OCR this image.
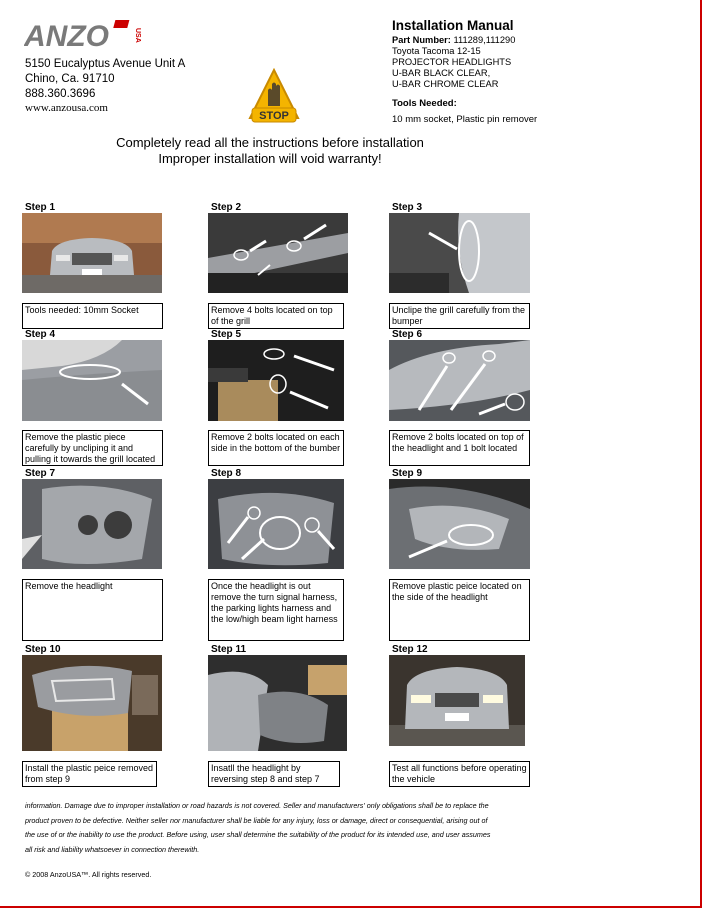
ANZO	USA
5150 Eucalyptus Avenue Unit A
Chino, Ca. 91710
888.360.3696
www.anzousa.com
STOP
Installation Manual
Part Number: 111289,111290
Toyota Tacoma 12-15
PROJECTOR HEADLIGHTS
U-BAR BLACK CLEAR,
U-BAR CHROME CLEAR
Tools Needed:
10 mm socket, Plastic pin remover
Completely read all the instructions before installation
Improper installation will void warranty!
Step 1
Tools needed: 10mm Socket
Step 2
Remove 4 bolts located on top of the grill
Step 3
Unclipe the grill carefully from the bumper
Step 4
Remove the plastic piece carefully by uncliping it and pulling it towards the grill located
Step 5
Remove 2 bolts located on each side in the bottom of the bumber
Step 6
Remove 2 bolts located on top of the headlight and 1 bolt located
Step 7
Remove the headlight
Step 8
Once the headlight is out remove the turn signal harness, the parking lights harness and the low/high beam light harness
Step 9
Remove plastic peice located on the side of the headlight
Step 10
Install the plastic peice removed from step 9
Step 11
Insatll the headlight by reversing step 8 and step 7
Step 12
Test all functions before operating the vehicle
information. Damage due to improper installation or road hazards is not covered. Seller and manufacturers' only obligations shall be to replace the product proven to be defective. Neither seller nor manufacturer shall be liable for any injury, loss or damage, direct or consequential, arising out of the use of or the inability to use the product. Before using, user shall determine the suitability of the product for its intended use, and user assumes all risk and liability whatsoever in connection therewith.
© 2008 AnzoUSA™. All rights reserved.
